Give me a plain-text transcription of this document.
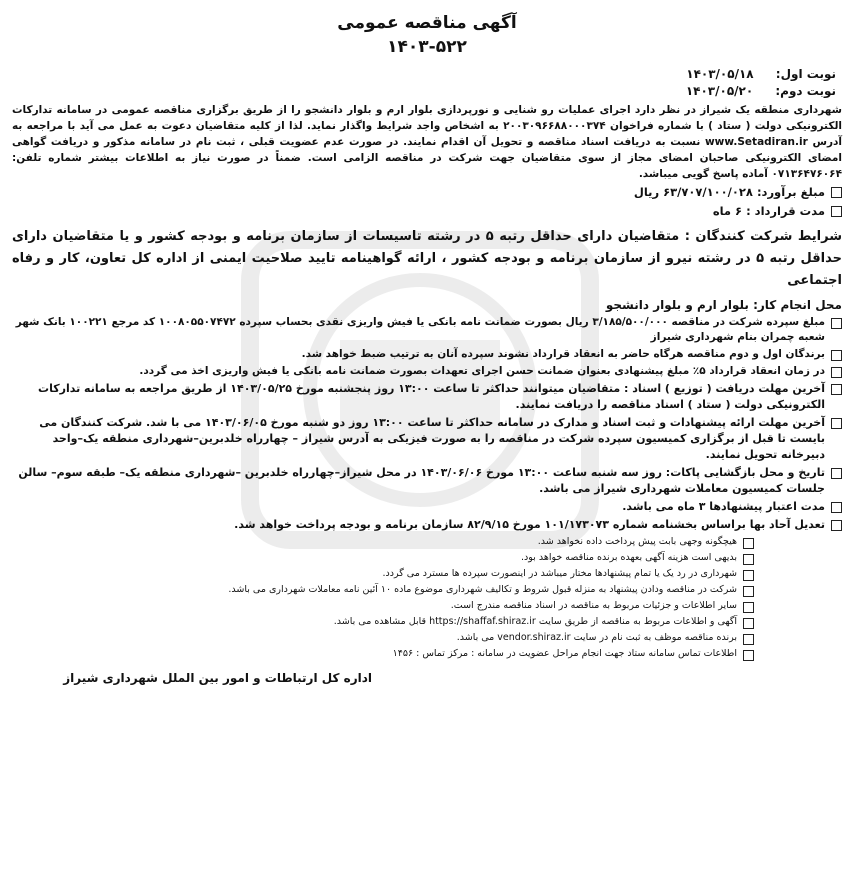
آگهی مناقصه عمومی
۱۴۰۳-۵۲۲
نوبت اول: ۱۴۰۳/۰۵/۱۸
نوبت دوم: ۱۴۰۳/۰۵/۲۰

شهرداری منطقه یک شیراز در نظر دارد اجرای عملیات رو شنایی و نورپردازی بلوار ارم و بلوار دانشجو را از طریق برگزاری مناقصه عمومی در سامانه تدارکات الکترونیکی دولت ( ستاد ) با شماره فراخوان ۲۰۰۳۰۹۶۶۸۸۰۰۰۳۷۴ به اشخاص واجد شرایط واگذار نماید. لذا از کلیه متقاضیان دعوت به عمل می آید با مراجعه به آدرس www.Setadiran.ir نسبت به دریافت اسناد مناقصه و تحویل آن اقدام نمایند. در صورت عدم عضویت قبلی ، ثبت نام در سامانه مذکور و دریافت گواهی امضای الکترونیکی صاحبان امضای مجاز از سوی متقاضیان جهت شرکت در مناقصه الزامی است. ضمناً در صورت نیاز به اطلاعات بیشتر شماره تلفن: ۰۷۱۳۶۴۷۶۰۶۴ آماده پاسخ گویی میباشد.

مبلغ برآورد: ۶۳/۷۰۷/۱۰۰/۰۲۸ ریال
مدت قرارداد : ۶ ماه

شرایط شرکت کنندگان : متقاضیان دارای حداقل رتبه ۵ در رشته تاسیسات از سازمان برنامه و بودجه کشور و یا متقاضیان دارای حداقل رتبه ۵ در رشته نیرو از سازمان برنامه و بودجه کشور ، ارائه گواهینامه تایید صلاحیت ایمنی از اداره کل تعاون، کار و رفاه اجتماعی

محل انجام کار: بلوار ارم و بلوار دانشجو
مبلغ سپرده شرکت در مناقصه ۳/۱۸۵/۵۰۰/۰۰۰ ریال بصورت ضمانت نامه بانکی یا فیش واریزی نقدی بحساب سپرده ۱۰۰۸۰۵۵۰۷۴۷۲ کد مرجع ۱۰۰۲۲۱ بانک شهر شعبه چمران بنام شهرداری شیراز
برندگان اول و دوم مناقصه هرگاه حاضر به انعقاد قرارداد نشوند سپرده آنان به ترتیب ضبط خواهد شد.
در زمان انعقاد قرارداد ۵٪ مبلغ پیشنهادی بعنوان ضمانت حسن اجرای تعهدات بصورت ضمانت نامه بانکی یا فیش واریزی اخذ می گردد.
آخرین مهلت دریافت ( توزیع ) اسناد : متقاضیان میتوانند حداکثر تا ساعت ۱۳:۰۰ روز پنجشنبه مورخ ۱۴۰۳/۰۵/۲۵ از طریق مراجعه به سامانه تدارکات الکترونیکی دولت ( ستاد ) اسناد مناقصه را دریافت نمایند.
آخرین مهلت ارائه پیشنهادات و ثبت اسناد و مدارک در سامانه حداکثر تا ساعت ۱۳:۰۰ روز دو شنبه مورخ ۱۴۰۳/۰۶/۰۵ می با شد. شرکت کنندگان می بایست تا قبل از برگزاری کمیسیون سپرده شرکت در مناقصه را به صورت فیزیکی به آدرس شیراز – چهارراه خلدبرین–شهرداری منطقه یک–واحد دبیرخانه تحویل نمایند.
تاریخ و محل بازگشایی پاکات: روز سه شنبه ساعت ۱۳:۰۰ مورخ ۱۴۰۳/۰۶/۰۶ در محل شیراز–چهارراه خلدبرین –شهرداری منطقه یک– طبقه سوم– سالن جلسات کمیسیون معاملات شهرداری شیراز می باشد.
مدت اعتبار پیشنهادها ۳ ماه می باشد.
تعدیل آحاد بها براساس بخشنامه شماره ۱۰۱/۱۷۳۰۷۳ مورخ ۸۲/۹/۱۵ سازمان برنامه و بودجه پرداخت خواهد شد.
هیچگونه وجهی بابت پیش پرداخت داده نخواهد شد.
بدیهی است هزینه آگهی بعهده برنده مناقصه خواهد بود.
شهرداری در رد یک یا تمام پیشنهادها مختار میباشد در اینصورت سپرده ها مسترد می گردد.
شرکت در مناقصه ودادن پیشنهاد به منزله قبول شروط و تکالیف شهرداری موضوع ماده ۱۰ آئین نامه معاملات شهرداری می باشد.
سایر اطلاعات و جزئیات مربوط به مناقصه در اسناد مناقصه مندرج است.
آگهی و اطلاعات مربوط به مناقصه از طریق سایت https://shaffaf.shiraz.ir قابل مشاهده می باشد.
برنده مناقصه موظف به ثبت نام در سایت vendor.shiraz.ir می باشد.
اطلاعات تماس سامانه ستاد جهت انجام مراحل عضویت در سامانه : مرکز تماس : ۱۴۵۶
اداره کل ارتباطات و امور بین الملل شهرداری شیراز
